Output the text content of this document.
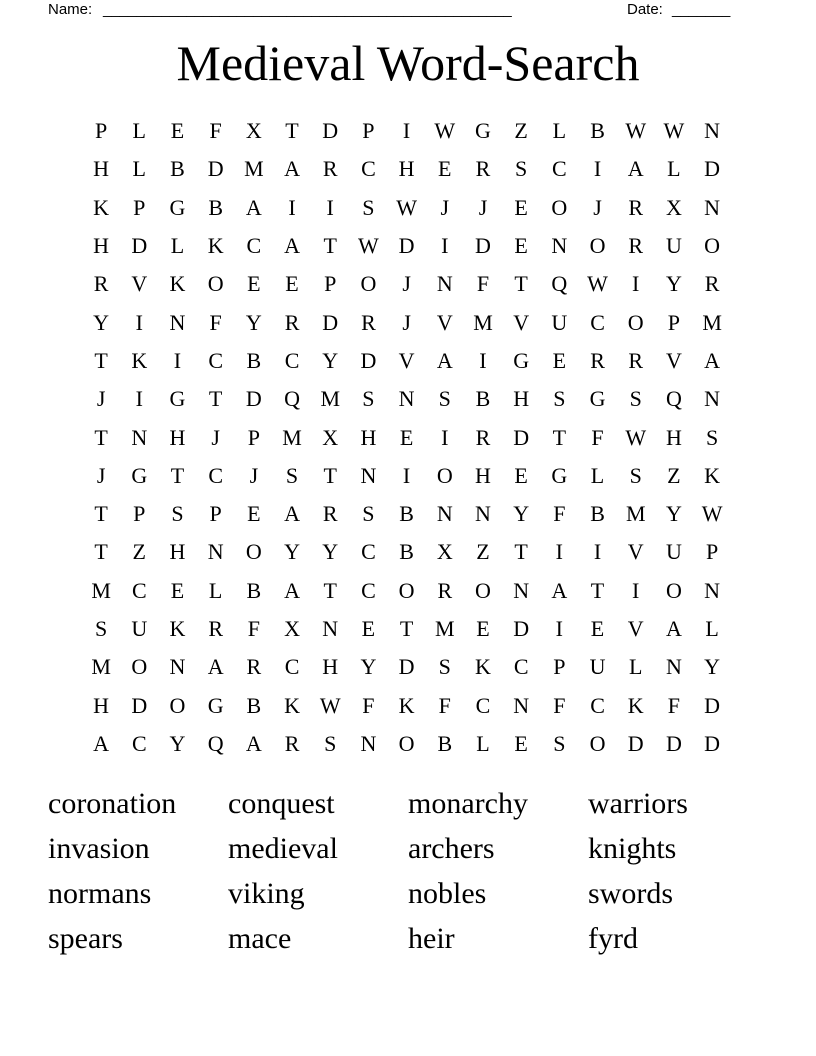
Name: _________________________________________________	Date: _______
Medieval Word-Search
P	L	E	F	X	T	D	P	I	W G	Z	L	B W W N
H	L	B	D M A	R	C	H	E	R	S	C	I	A	L	D
K	P	G	B	A	I	I	S W	J	J	E	O	J	R	X	N
H	D	L	K	C	A	T W D	I	D	E	N	O	R	U	O
R	V	K	O	E	E	P	O	J	N	F	T	Q W	I	Y	R
Y	I	N	F	Y	R	D	R	J	V M V	U	C	O	P	M
T	K	I	C	B	C	Y	D	V	A	I	G	E	R	R	V	A
J	I	G	T	D	Q M	S	N	S	B	H	S	G	S	Q	N
T	N	H	J	P	M X	H	E	I	R	D	T	F W H	S
J	G	T	C	J	S	T	N	I	O	H	E	G	L	S	Z	K
T	P	S	P	E	A	R	S	B	N	N	Y	F	B M Y W
T	Z	H	N	O	Y	Y	C	B	X	Z	T	I	I	V	U	P
M C	E	L	B	A	T	C	O	R	O	N	A	T	I	O	N
S	U	K	R	F	X	N	E	T M E	D	I	E	V	A	L
M O	N	A	R	C	H	Y	D	S	K	C	P	U	L	N	Y
H	D	O	G	B	K W F	K	F	C	N	F	C	K	F	D
A	C	Y	Q	A	R	S	N	O	B	L	E	S	O	D	D	D
coronation	conquest	monarchy	warriors
invasion	medieval	archers	knights
normans	viking	nobles	swords
spears	mace	heir	fyrd
